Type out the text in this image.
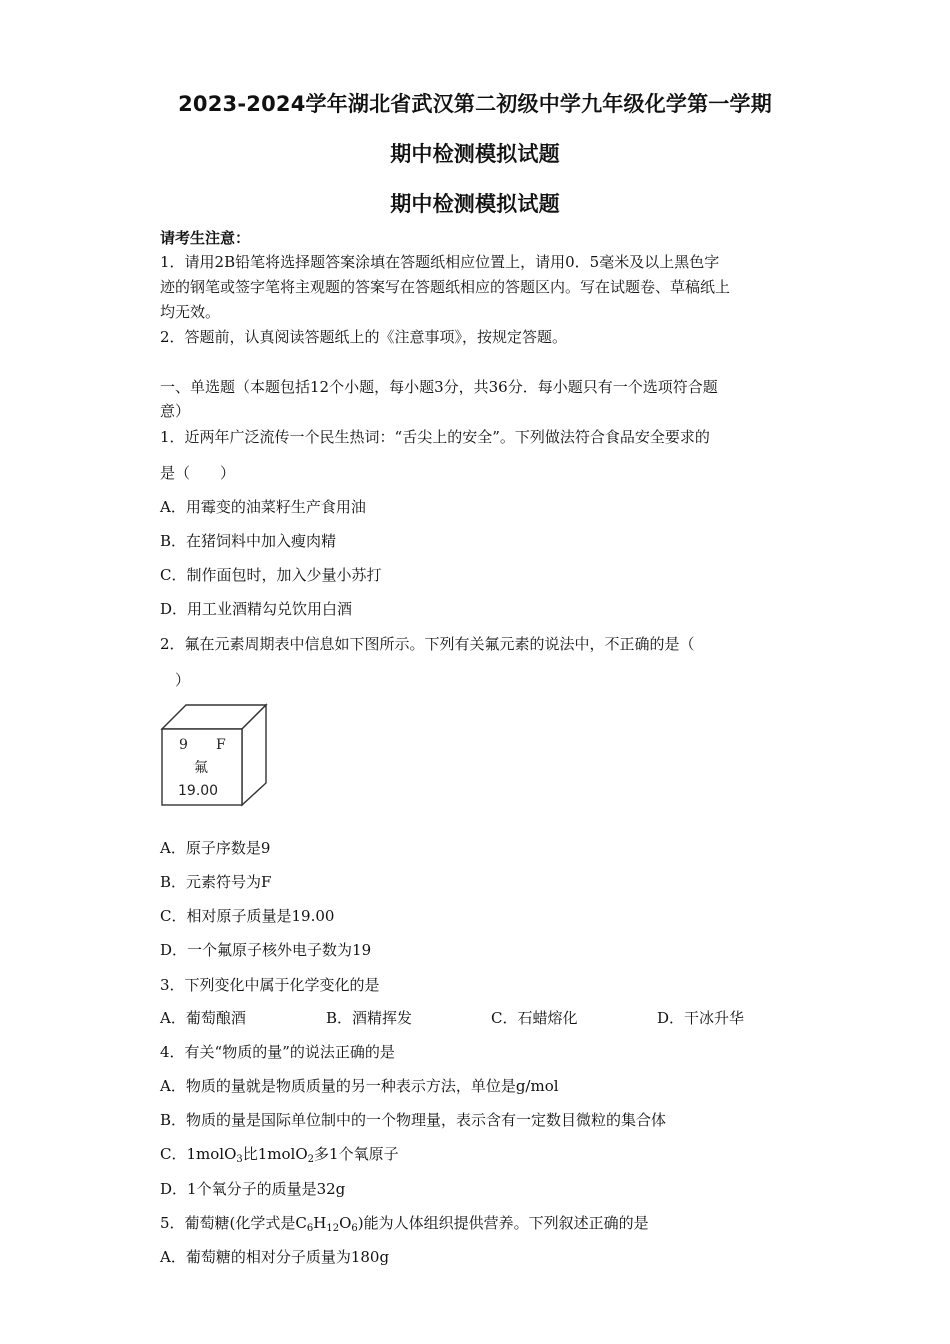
2023-2024学年湖北省武汉第二初级中学九年级化学第一学期
期中检测模拟试题
期中检测模拟试题
请考生注意：
1．请用2B铅笔将选择题答案涂填在答题纸相应位置上，请用0．5毫米及以上黑色字
迹的钢笔或签字笔将主观题的答案写在答题纸相应的答题区内。写在试题卷、草稿纸上
均无效。
2．答题前，认真阅读答题纸上的《注意事项》，按规定答题。
一、单选题（本题包括12个小题，每小题3分，共36分．每小题只有一个选项符合题
意）
1．近两年广泛流传一个民生热词：“舌尖上的安全”。下列做法符合食品安全要求的
是（　　）
A．用霉变的油菜籽生产食用油
B．在猪饲料中加入瘦肉精
C．制作面包时，加入少量小苏打
D．用工业酒精勾兑饮用白酒
2．氟在元素周期表中信息如下图所示。下列有关氟元素的说法中，不正确的是（
）
9 F
氟
19.00
A．原子序数是9
B．元素符号为F
C．相对原子质量是19.00
D．一个氟原子核外电子数为19
3．下列变化中属于化学变化的是
A．葡萄酿酒	B．酒精挥发	C．石蜡熔化	D．干冰升华
4．有关“物质的量”的说法正确的是
A．物质的量就是物质质量的另一种表示方法，单位是g/mol
B．物质的量是国际单位制中的一个物理量，表示含有一定数目微粒的集合体
C．1molO$_3$比1molO$_2$多1个氧原子
D．1个氧分子的质量是32g
5．葡萄糖(化学式是$C_6H_{12}O_6$)能为人体组织提供营养。下列叙述正确的是
A．葡萄糖的相对分子质量为180g
